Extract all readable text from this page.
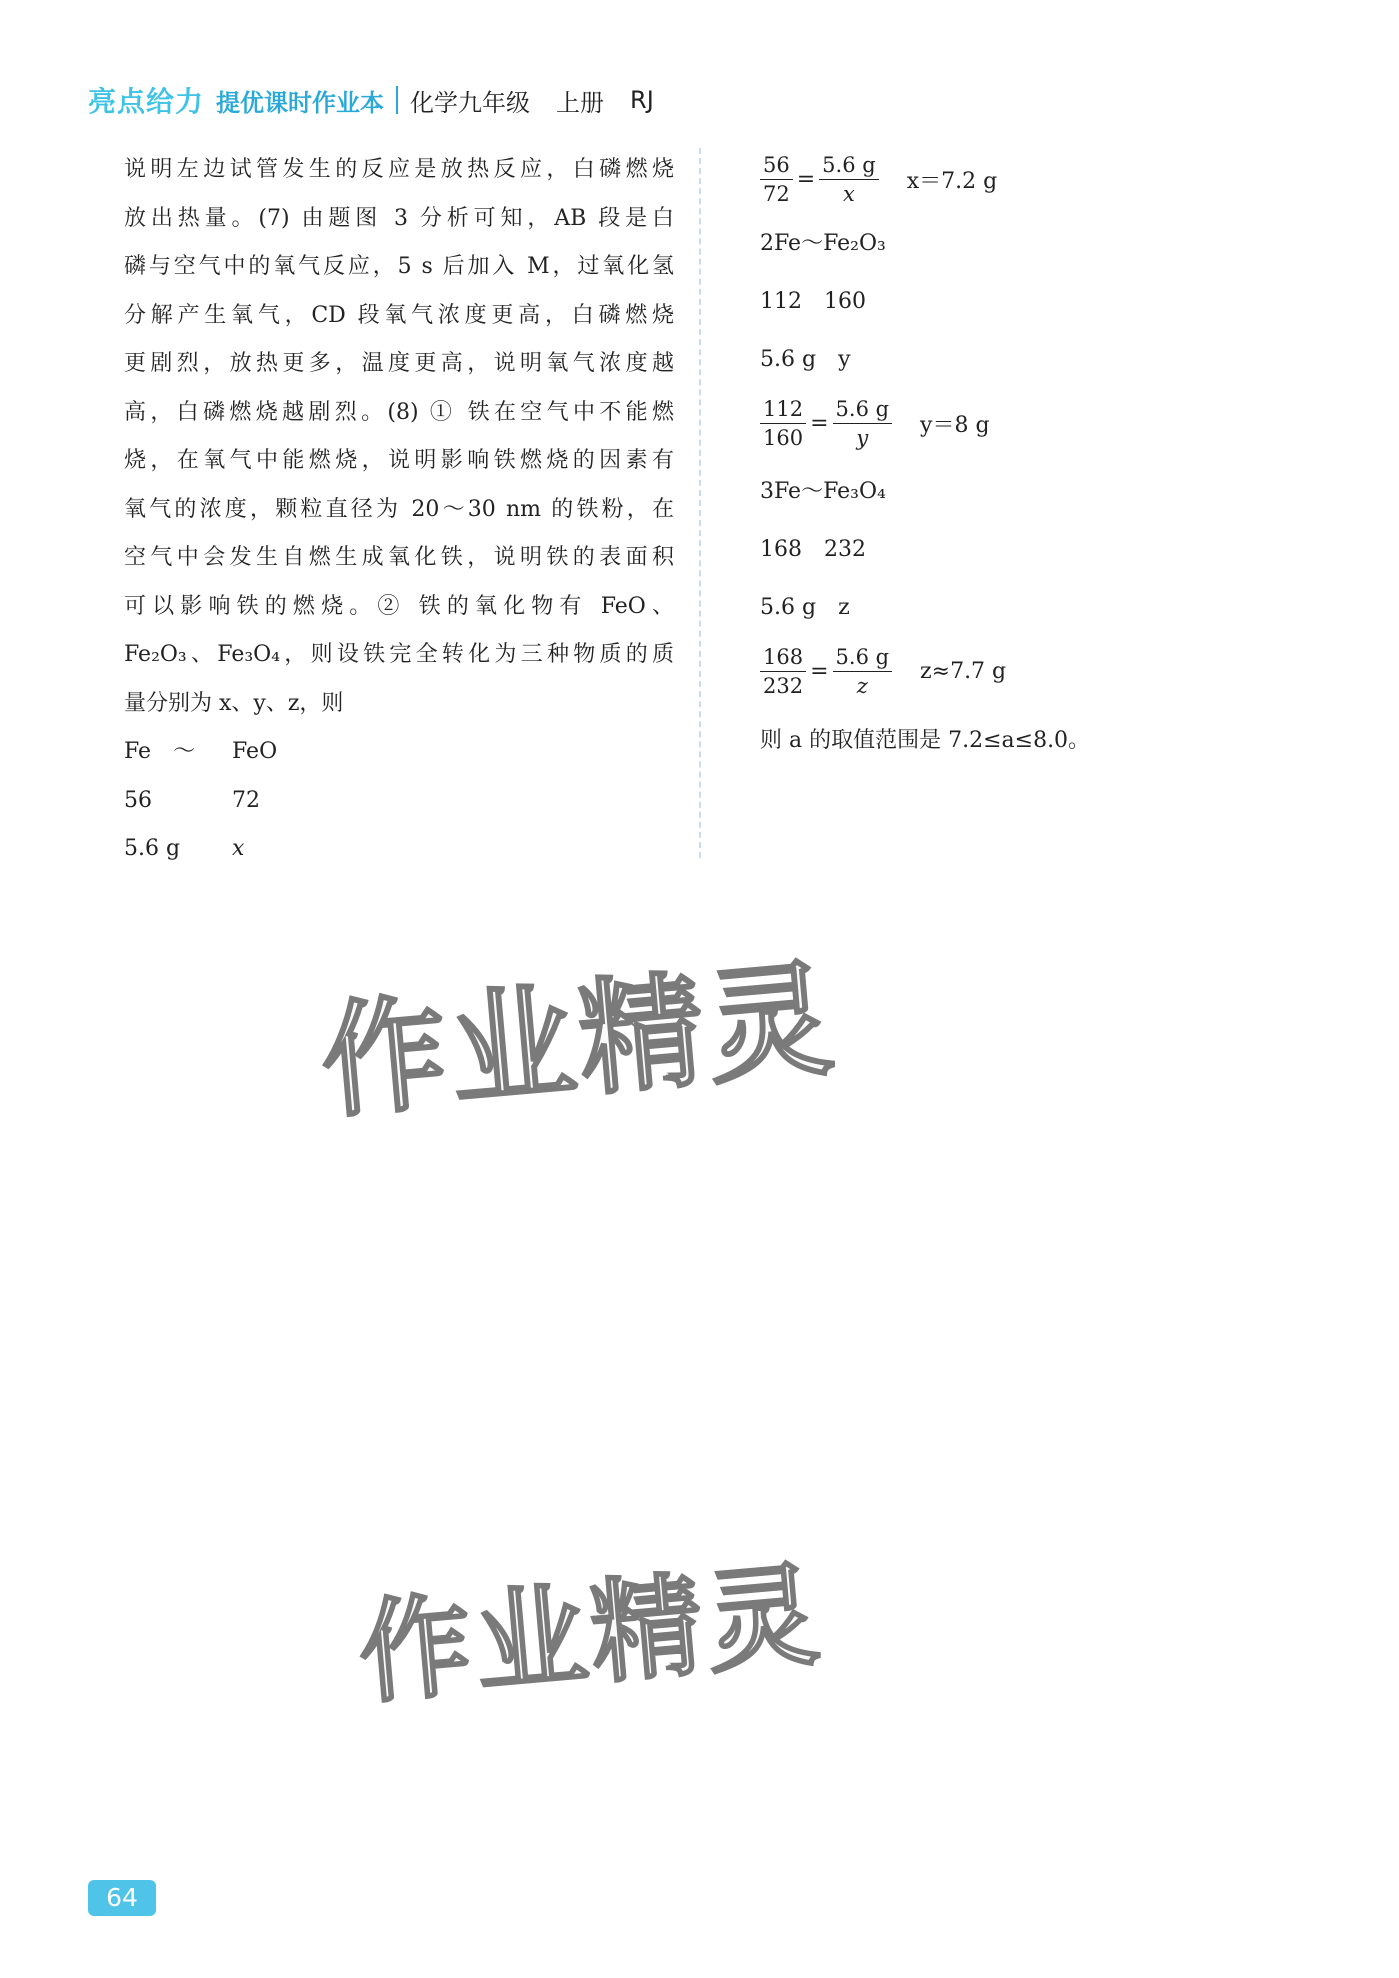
亮点给力 提优课时作业本 化学九年级 上册 RJ

说明左边试管发生的反应是放热反应，白磷燃烧

放出热量。(7) 由题图 3 分析可知，AB 段是白

磷与空气中的氧气反应，5 s 后加入 M，过氧化氢

分解产生氧气，CD 段氧气浓度更高，白磷燃烧

更剧烈，放热更多，温度更高，说明氧气浓度越

高，白磷燃烧越剧烈。(8) ① 铁在空气中不能燃

烧，在氧气中能燃烧，说明影响铁燃烧的因素有

氧气的浓度，颗粒直径为 20～30 nm 的铁粉，在

空气中会发生自燃生成氧化铁，说明铁的表面积

可以影响铁的燃烧。② 铁的氧化物有 FeO、

Fe₂O₃、Fe₃O₄，则设铁完全转化为三种物质的质

量分别为 x、y、z，则

Fe　～ FeO
56	72
5.6 g x
$\frac{56}{72} = \frac{5.6 g}{x} x=7.2$ g
2Fe～Fe₂O₃
112　160
5.6 g　y
$\frac{112}{160} = \frac{5.6 g}{y} y=8$ g
3Fe～Fe₃O₄
168　232
5.6 g　z
$\frac{168}{232} = \frac{5.6 g}{z} z\approx 7.7$ g
则 a 的取值范围是 7.2≤a≤8.0。
作业精灵
作业精灵
64
